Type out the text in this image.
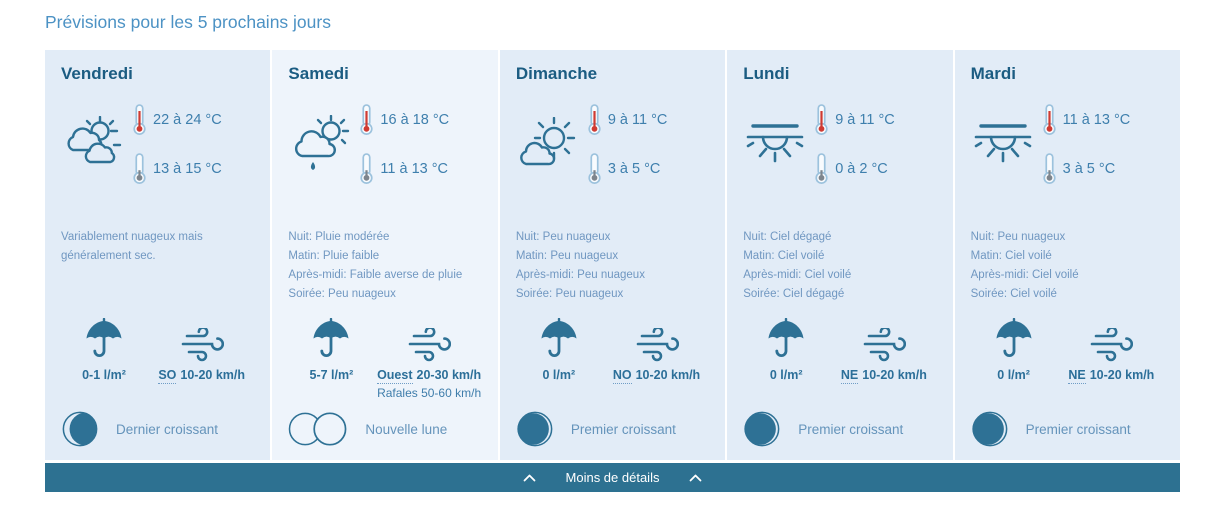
Prévisions pour les 5 prochains jours
Vendredi
22 à 24 °C
13 à 15 °C
Variablement nuageux mais généralement sec.
0-1 l/m²	SO 10-20 km/h
Dernier croissant
Samedi
16 à 18 °C
11 à 13 °C
Nuit: Pluie modérée
Matin: Pluie faible
Après-midi: Faible averse de pluie
Soirée: Peu nuageux
5-7 l/m²	Ouest 20-30 km/h
Rafales 50-60 km/h
Nouvelle lune
Dimanche
9 à 11 °C
3 à 5 °C
Nuit: Peu nuageux
Matin: Peu nuageux
Après-midi: Peu nuageux
Soirée: Peu nuageux
0 l/m²	NO 10-20 km/h
Premier croissant
Lundi
9 à 11 °C
0 à 2 °C
Nuit: Ciel dégagé
Matin: Ciel voilé
Après-midi: Ciel voilé
Soirée: Ciel dégagé
0 l/m²	NE 10-20 km/h
Premier croissant
Mardi
11 à 13 °C
3 à 5 °C
Nuit: Peu nuageux
Matin: Ciel voilé
Après-midi: Ciel voilé
Soirée: Ciel voilé
0 l/m²	NE 10-20 km/h
Premier croissant
Moins de détails
